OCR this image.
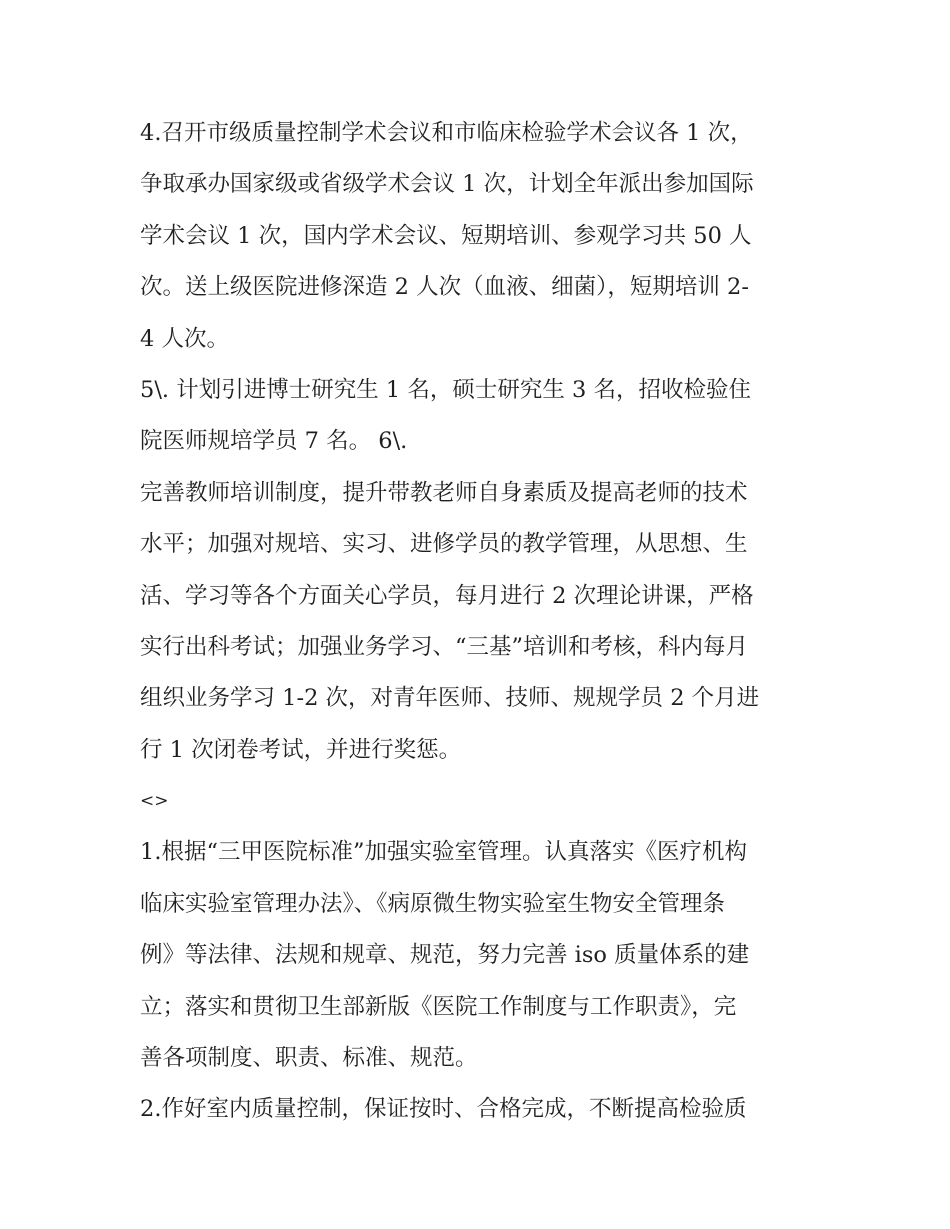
4.召开市级质量控制学术会议和市临床检验学术会议各 1 次，
争取承办国家级或省级学术会议 1 次，计划全年派出参加国际
学术会议 1 次，国内学术会议、短期培训、参观学习共 50 人
次。送上级医院进修深造 2 人次（血液、细菌），短期培训 2-
4 人次。
5\. 计划引进博士研究生 1 名，硕士研究生 3 名，招收检验住
院医师规培学员 7 名。 6\.
完善教师培训制度，提升带教老师自身素质及提高老师的技术
水平；加强对规培、实习、进修学员的教学管理，从思想、生
活、学习等各个方面关心学员，每月进行 2 次理论讲课，严格
实行出科考试；加强业务学习、“三基”培训和考核，科内每月
组织业务学习 1-2 次，对青年医师、技师、规规学员 2 个月进
行 1 次闭卷考试，并进行奖惩。
<>
1.根据“三甲医院标准”加强实验室管理。认真落实《医疗机构
临床实验室管理办法》、《病原微生物实验室生物安全管理条
例》等法律、法规和规章、规范，努力完善 iso 质量体系的建
立；落实和贯彻卫生部新版《医院工作制度与工作职责》，完
善各项制度、职责、标准、规范。
2.作好室内质量控制，保证按时、合格完成，不断提高检验质
